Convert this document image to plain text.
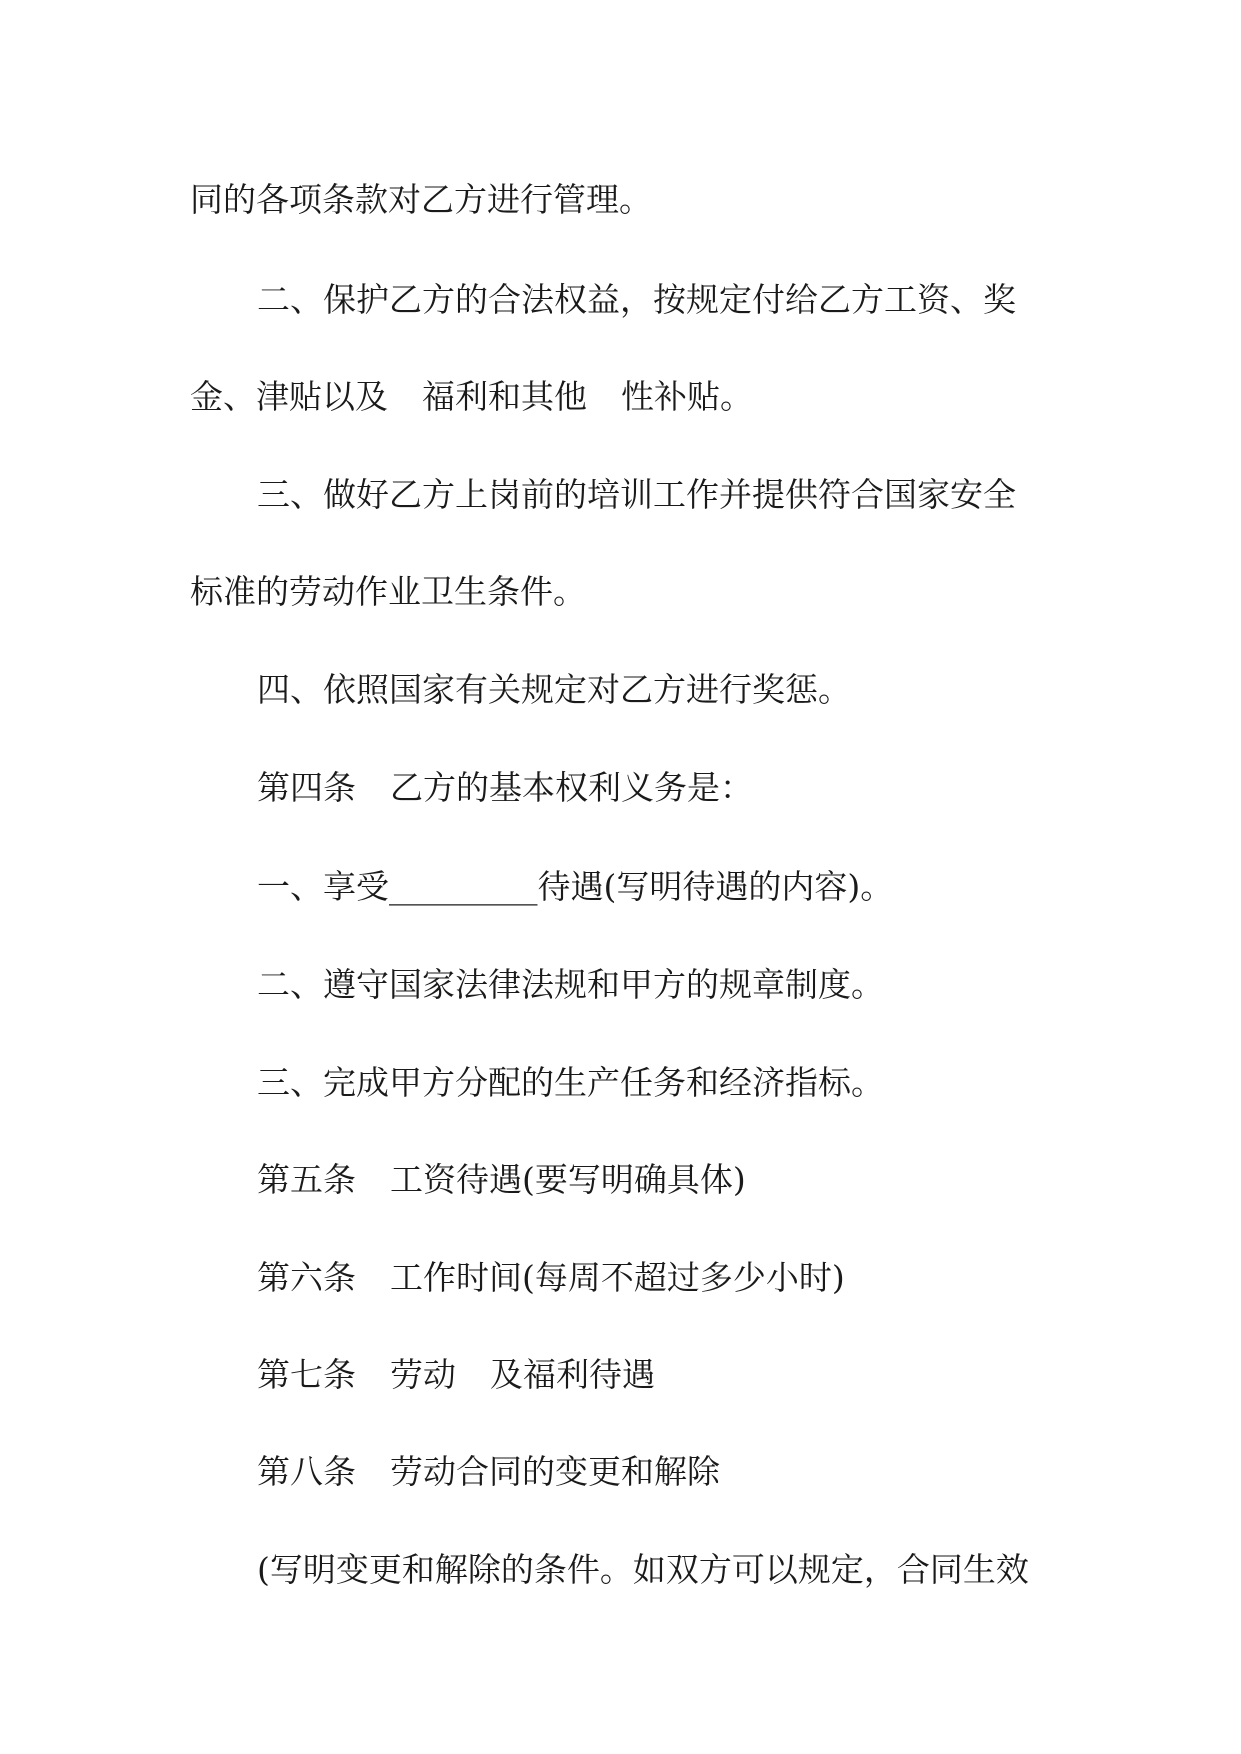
同的各项条款对乙方进行管理。
二、保护乙方的合法权益，按规定付给乙方工资、奖
金、津贴以及 福利和其他 性补贴。
三、做好乙方上岗前的培训工作并提供符合国家安全
标准的劳动作业卫生条件。
四、依照国家有关规定对乙方进行奖惩。
第四条 乙方的基本权利义务是：
一、享受_________待遇(写明待遇的内容)。
二、遵守国家法律法规和甲方的规章制度。
三、完成甲方分配的生产任务和经济指标。
第五条 工资待遇(要写明确具体)
第六条 工作时间(每周不超过多少小时)
第七条 劳动 及福利待遇
第八条 劳动合同的变更和解除
(写明变更和解除的条件。如双方可以规定，合同生效
